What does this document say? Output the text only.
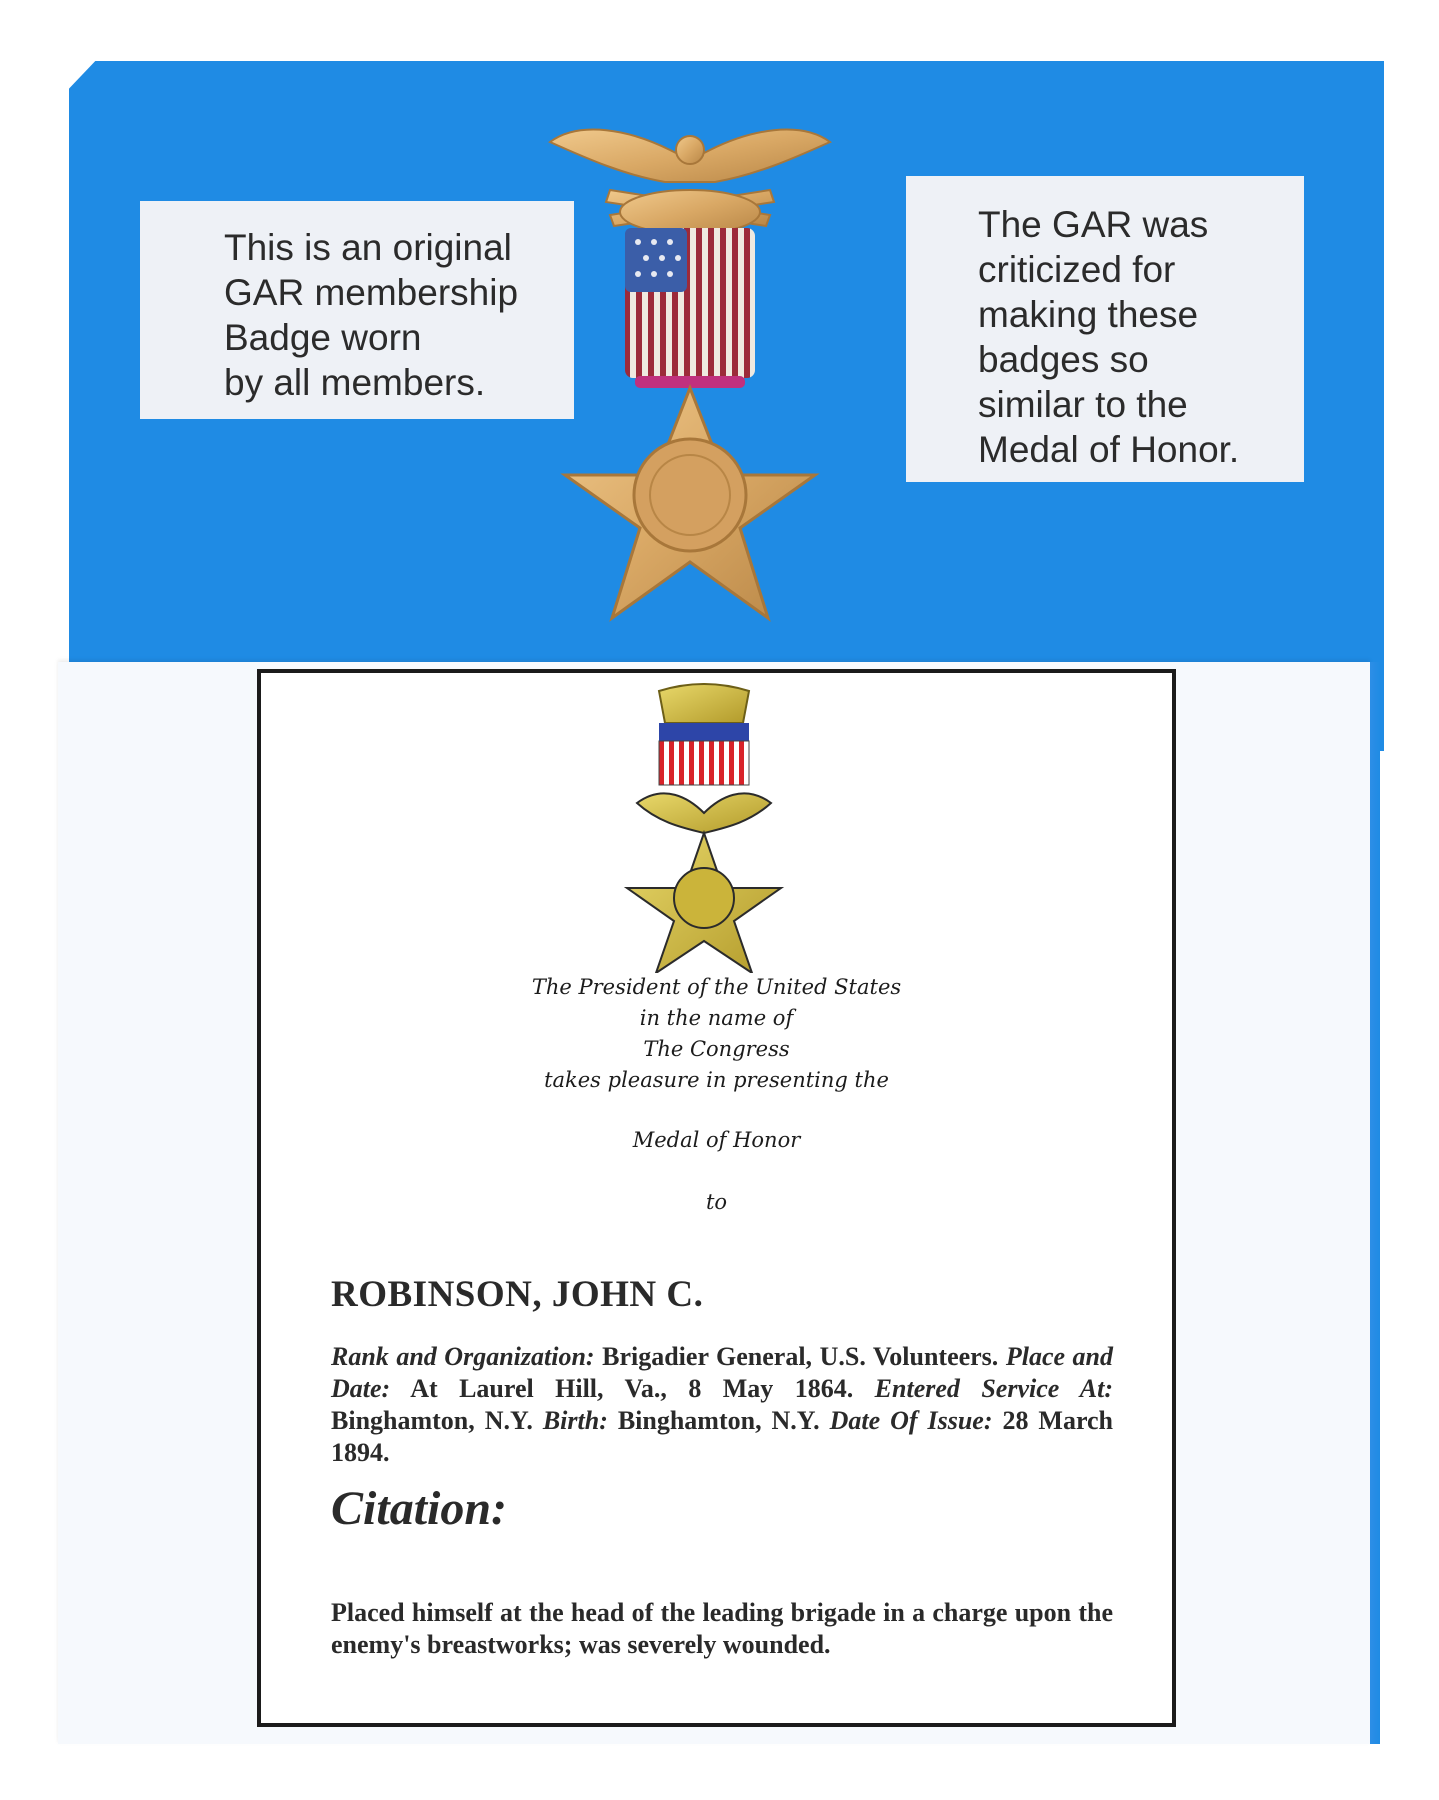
This is an original
GAR membership
Badge worn
by all members.
The GAR was
criticized for
making these
badges so
similar to the
Medal of Honor.
The President of the United States
in the name of
The Congress
takes pleasure in presenting the
Medal of Honor
to
ROBINSON, JOHN C.
Rank and Organization: Brigadier General, U.S. Volunteers. Place and Date: At Laurel Hill, Va., 8 May 1864. Entered Service At: Binghamton, N.Y. Birth: Binghamton, N.Y. Date Of Issue: 28 March 1894.
Citation:
Placed himself at the head of the leading brigade in a charge upon the enemy's breastworks; was severely wounded.
